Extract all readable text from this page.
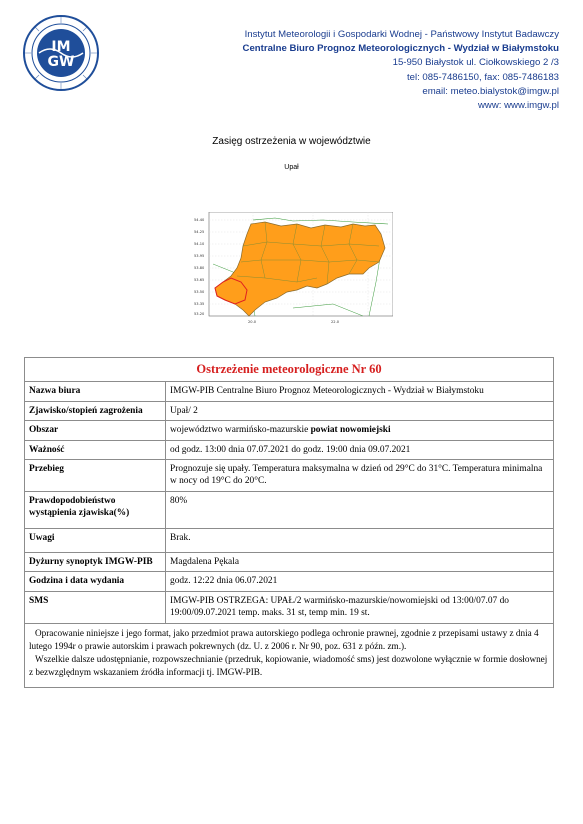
IM
GW
Instytut Meteorologii i Gospodarki Wodnej - Państwowy Instytut Badawczy
Centralne Biuro Prognoz Meteorologicznych - Wydział w Białymstoku
15-950 Białystok ul. Ciołkowskiego 2 /3
tel: 085-7486150, fax: 085-7486183
email: meteo.bialystok@imgw.pl
www: www.imgw.pl
Zasięg ostrzeżenia w województwie
Upał
54.40
54.25
54.10
53.95
53.80
53.65
53.50
53.35
53.20
20.0	22.0
Ostrzeżenie meteorologiczne Nr 60	
Nazwa biura	IMGW-PIB Centralne Biuro Prognoz Meteorologicznych - Wydział w Białymstoku
Zjawisko/stopień zagrożenia	Upał/ 2
Obszar	województwo warmińsko-mazurskie powiat nowomiejski
Ważność	od godz. 13:00 dnia 07.07.2021 do godz. 19:00 dnia 09.07.2021
Przebieg	Prognozuje się upały. Temperatura maksymalna w dzień od 29°C do 31°C. Temperatura minimalna w nocy od 19°C do 20°C.
Prawdopodobieństwo wystąpienia zjawiska(%)	80%
Uwagi	Brak.
Dyżurny synoptyk IMGW-PIB	Magdalena Pękala
Godzina i data wydania	godz. 12:22 dnia 06.07.2021
SMS	IMGW-PIB OSTRZEGA: UPAŁ/2 warmińsko-mazurskie/nowomiejski od 13:00/07.07 do 19:00/09.07.2021 temp. maks. 31 st, temp min. 19 st.

Opracowanie niniejsze i jego format, jako przedmiot prawa autorskiego podlega ochronie prawnej, zgodnie z przepisami ustawy z dnia 4 lutego 1994r o prawie autorskim i prawach pokrewnych (dz. U. z 2006 r. Nr 90, poz. 631 z późn. zm.).
Wszelkie dalsze udostępnianie, rozpowszechnianie (przedruk, kopiowanie, wiadomość sms) jest dozwolone wyłącznie w formie dosłownej z bezwzględnym wskazaniem źródła informacji tj. IMGW-PIB.	
